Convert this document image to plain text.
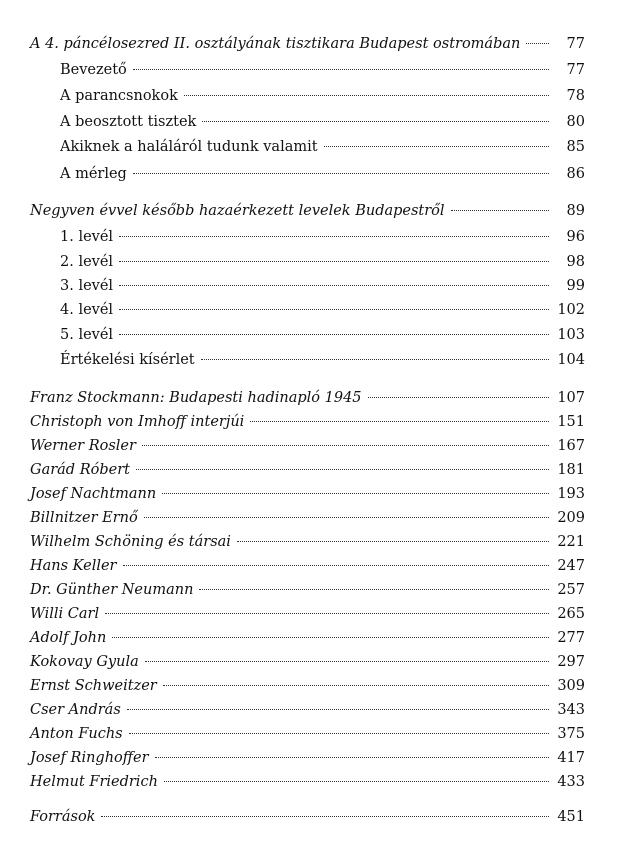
A 4. páncélosezred II. osztályának tisztikara Budapest ostromában	77
Bevezető	77
A parancsnokok	78
A beosztott tisztek	80
Akiknek a haláláról tudunk valamit	85
A mérleg	86
Negyven évvel később hazaérkezett levelek Budapestről	89
1. levél	96
2. levél	98
3. levél	99
4. levél	102
5. levél	103
Értékelési kísérlet	104
Franz Stockmann: Budapesti hadinapló 1945	107
Christoph von Imhoff interjúi	151
Werner Rosler	167
Garád Róbert	181
Josef Nachtmann	193
Billnitzer Ernő	209
Wilhelm Schöning és társai	221
Hans Keller	247
Dr. Günther Neumann	257
Willi Carl	265
Adolf John	277
Kokovay Gyula	297
Ernst Schweitzer	309
Cser András	343
Anton Fuchs	375
Josef Ringhoffer	417
Helmut Friedrich	433
Források	451
